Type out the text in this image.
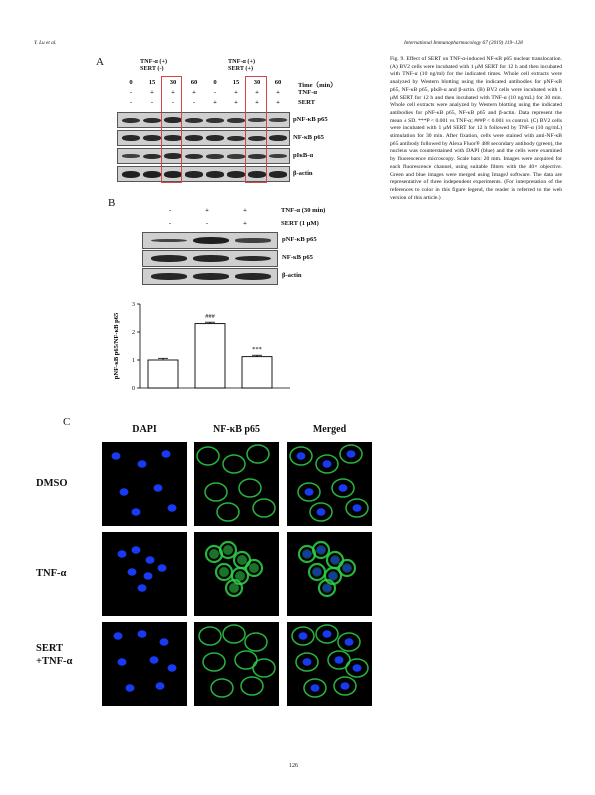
Y. Lu et al.	International Immunopharmacology 67 (2019) 119–128
A	TNF-α (+)
SERT (-)
TNF-α (+)
SERT (+)
0	15 30 60	0	15 30 60
-	+	+	+	-	+	+	+
-	-	-	-	+	+	+	+
Time（min）
TNF-α
SERT
pNF-κB p65
NF-κB p65
pIκB-α
β-actin
B
-	+	+
-	-	+
TNF-α (30 min)
SERT (1 μM)
pNF-κB p65
NF-κB p65
β-actin
0
1
2
3
pNF-κB p65/NF-κB p65	###
***
Fig. 9. Effect of SERT on TNF-α-induced NF-κB p65 nuclear translocation. (A) BV2 cells were incubated with 1 μM SERT for 12 h and then incubated with TNF-α (10 ng/ml) for the indicated times. Whole cell extracts were analyzed by Western blotting using the indicated antibodies for pNF-κB p65, NF-κB p65, pIκB-α and β-actin. (B) BV2 cells were incubated with 1 μM SERT for 12 h and then incubated with TNF-α (10 ng/mL) for 30 min. Whole cell extracts were analyzed by Western blotting using the indicated antibodies for pNF-κB p65, NF-κB p65 and β-actin. Data represent the mean ± SD. ***P < 0.001 vs TNF-α; ###P < 0.001 vs control. (C) BV2 cells were incubated with 1 μM SERT for 12 h followed by TNF-α (10 ng/mL) stimulation for 30 min. After fixation, cells were stained with anti-NF-κB p65 antibody followed by Alexa Fluor® 488 secondary antibody (green), the nucleus was counterstained with DAPI (blue) and the cells were examined by fluorescence microscopy. Scale bars: 20 mm. Images were acquired for each fluorescence channel, using suitable filters with the 40× objective. Green and blue images were merged using ImageJ software. The data are representative of three independent experiments. (For interpretation of the references to color in this figure legend, the reader is referred to the web version of this article.)
C
DAPI	NF-κB p65	Merged
DMSO
TNF-α
SERT
+TNF-α
126
